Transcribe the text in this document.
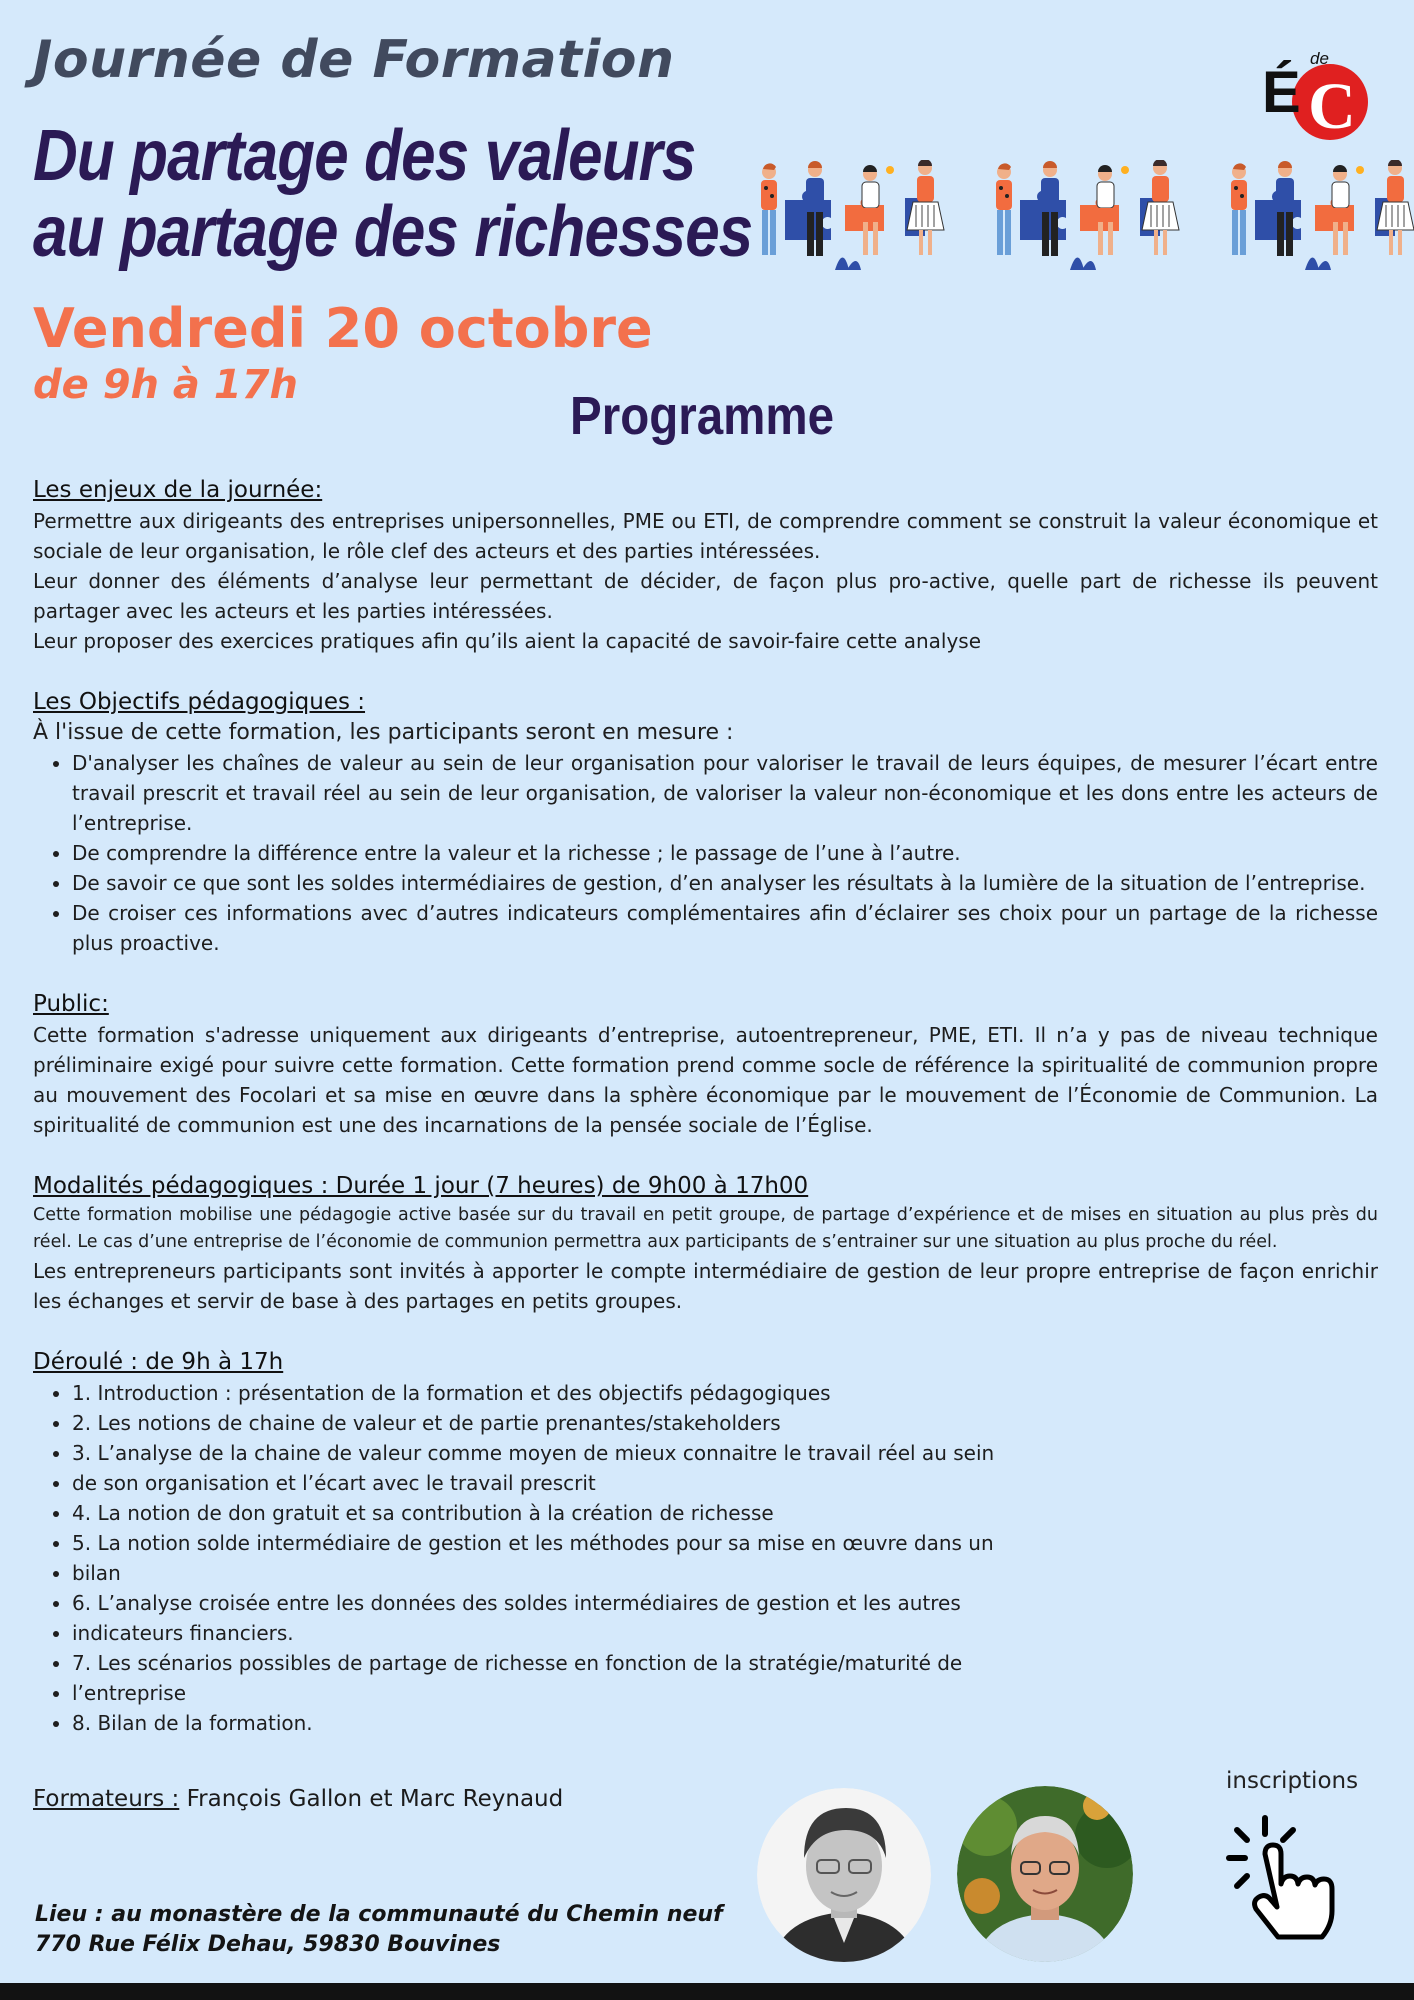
Journée de Formation
Du partage des valeurs
au partage des richesses
Vendredi 20 octobre
de 9h à 17h
Programme
C
É
de

Les enjeux de la journée:

Permettre aux dirigeants des entreprises unipersonnelles, PME ou ETI, de comprendre comment se construit la valeur économique et sociale de leur organisation, le rôle clef des acteurs et des parties intéressées.

Leur donner des éléments d’analyse leur permettant de décider, de façon plus pro-active, quelle part de richesse ils peuvent partager avec les acteurs et les parties intéressées.

Leur proposer des exercices pratiques afin qu’ils aient la capacité de savoir-faire cette analyse

Les Objectifs pédagogiques :

À l'issue de cette formation, les participants seront en mesure :

• D'analyser les chaînes de valeur au sein de leur organisation pour valoriser le travail de leurs équipes, de mesurer l’écart entre travail prescrit et travail réel au sein de leur organisation, de valoriser la valeur non-économique et les dons entre les acteurs de l’entreprise.
• De comprendre la différence entre la valeur et la richesse ; le passage de l’une à l’autre.
• De savoir ce que sont les soldes intermédiaires de gestion, d’en analyser les résultats à la lumière de la situation de l’entreprise.
• De croiser ces informations avec d’autres indicateurs complémentaires afin d’éclairer ses choix pour un partage de la richesse plus proactive.

Public:

Cette formation s'adresse uniquement aux dirigeants d’entreprise, autoentrepreneur, PME, ETI. Il n’a y pas de niveau technique préliminaire exigé pour suivre cette formation. Cette formation prend comme socle de référence la spiritualité de communion propre au mouvement des Focolari et sa mise en œuvre dans la sphère économique par le mouvement de l’Économie de Communion. La spiritualité de communion est une des incarnations de la pensée sociale de l’Église.

Modalités pédagogiques : Durée 1 jour (7 heures) de 9h00 à 17h00

Cette formation mobilise une pédagogie active basée sur du travail en petit groupe, de partage d’expérience et de mises en situation au plus près du réel. Le cas d’une entreprise de l’économie de communion permettra aux participants de s’entrainer sur une situation au plus proche du réel.

Les entrepreneurs participants sont invités à apporter le compte intermédiaire de gestion de leur propre entreprise de façon enrichir les échanges et servir de base à des partages en petits groupes.

Déroulé : de 9h à 17h

• 1. Introduction : présentation de la formation et des objectifs pédagogiques
• 2. Les notions de chaine de valeur et de partie prenantes/stakeholders
• 3. L’analyse de la chaine de valeur comme moyen de mieux connaitre le travail réel au sein
• de son organisation et l’écart avec le travail prescrit
• 4. La notion de don gratuit et sa contribution à la création de richesse
• 5. La notion solde intermédiaire de gestion et les méthodes pour sa mise en œuvre dans un
• bilan
• 6. L’analyse croisée entre les données des soldes intermédiaires de gestion et les autres
• indicateurs financiers.
• 7. Les scénarios possibles de partage de richesse en fonction de la stratégie/maturité de
• l’entreprise
• 8. Bilan de la formation.
Formateurs : François Gallon et Marc Reynaud
inscriptions
Lieu : au monastère de la communauté du Chemin neuf
770 Rue Félix Dehau, 59830 Bouvines
